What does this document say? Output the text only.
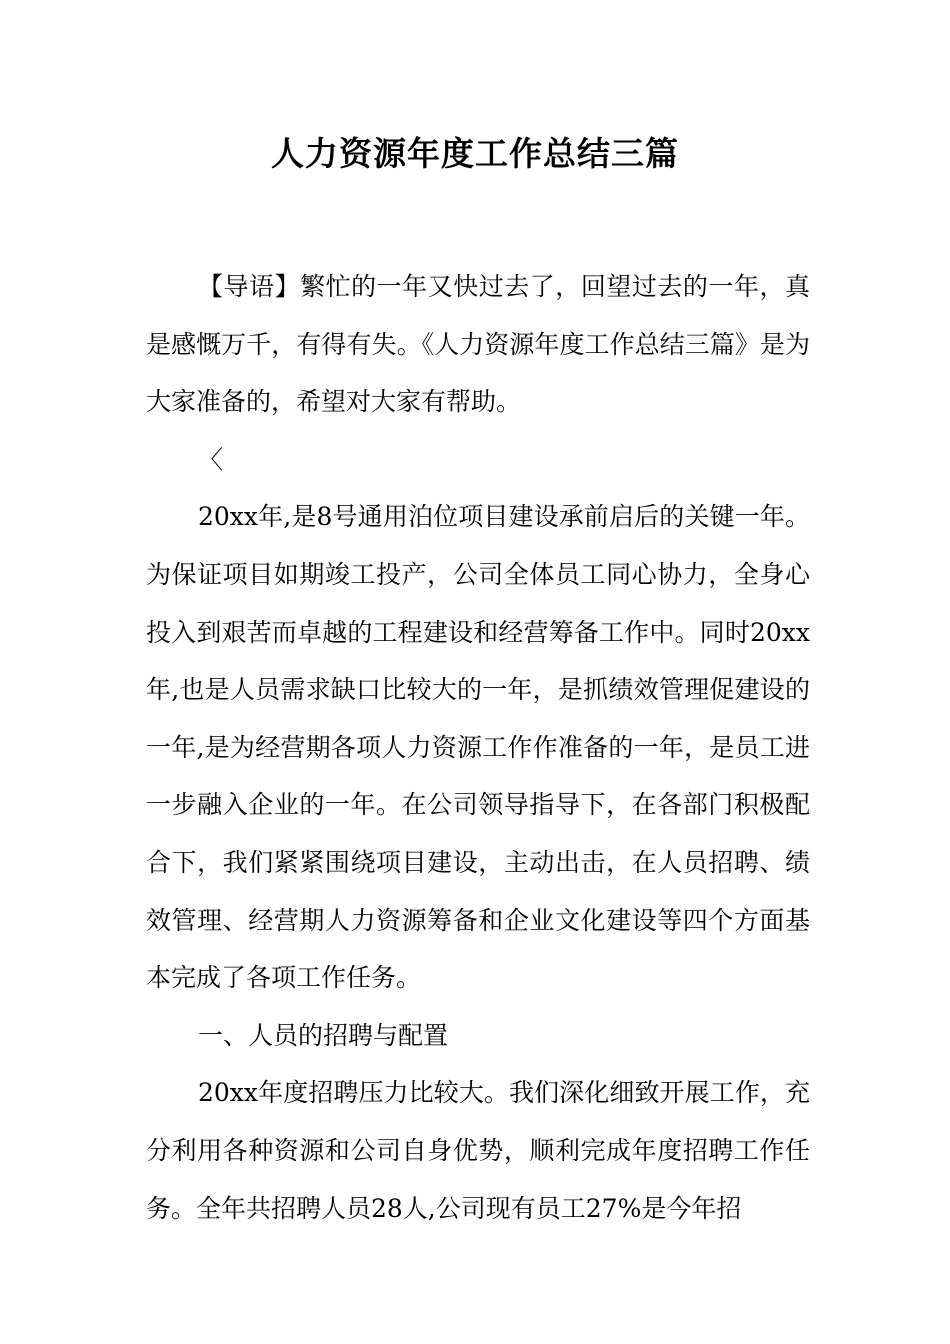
人力资源年度工作总结三篇

【导语】繁忙的一年又快过去了，回望过去的一年，真是感慨万千，有得有失。《人力资源年度工作总结三篇》是为大家准备的，希望对大家有帮助。

〈

20xx年,是8号通用泊位项目建设承前启后的关键一年。为保证项目如期竣工投产，公司全体员工同心协力，全身心投入到艰苦而卓越的工程建设和经营筹备工作中。同时20xx年,也是人员需求缺口比较大的一年，是抓绩效管理促建设的一年,是为经营期各项人力资源工作作准备的一年，是员工进一步融入企业的一年。在公司领导指导下，在各部门积极配合下，我们紧紧围绕项目建设，主动出击，在人员招聘、绩效管理、经营期人力资源筹备和企业文化建设等四个方面基本完成了各项工作任务。

一、人员的招聘与配置

20xx年度招聘压力比较大。我们深化细致开展工作，充分利用各种资源和公司自身优势，顺利完成年度招聘工作任务。全年共招聘人员28人,公司现有员工27%是今年招
